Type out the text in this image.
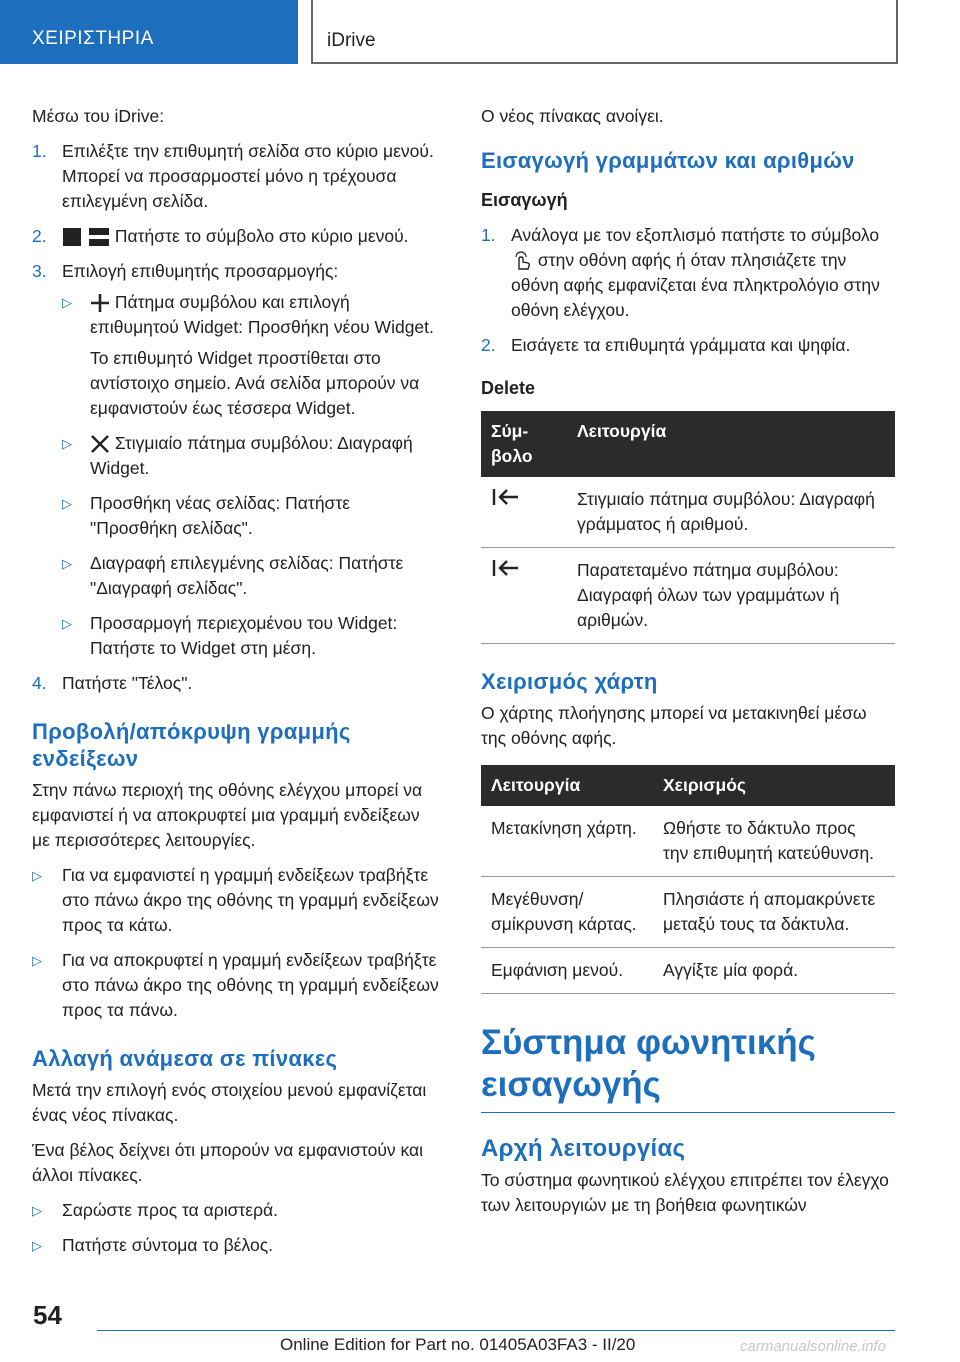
ΧΕΙΡΙΣΤΗΡΙΑ	iDrive

Μέσω του iDrive:

1. Επιλέξτε την επιθυμητή σελίδα στο κύριο μενού. Μπορεί να προσαρμοστεί μόνο η τρέχουσα επιλεγμένη σελίδα.
2.	Πατήστε το σύμβολο στο κύριο μενού.
3. Επιλογή επιθυμητής προσαρμογής:
▷ Πάτημα συμβόλου και επιλογή επιθυμητού Widget: Προσθήκη νέου Widget.
Το επιθυμητό Widget προστίθεται στο αντίστοιχο σημείο. Ανά σελίδα μπορούν να εμφανιστούν έως τέσσερα Widget.
▷ Στιγμιαίο πάτημα συμβόλου: Διαγραφή Widget.
▷ Προσθήκη νέας σελίδας: Πατήστε "Προσθήκη σελίδας".
▷ Διαγραφή επιλεγμένης σελίδας: Πατήστε "Διαγραφή σελίδας".
▷ Προσαρμογή περιεχομένου του Widget: Πατήστε το Widget στη μέση.
4. Πατήστε "Τέλος".
Προβολή/απόκρυψη γραμμής ενδείξεων

Στην πάνω περιοχή της οθόνης ελέγχου μπορεί να εμφανιστεί ή να αποκρυφτεί μια γραμμή ενδείξεων με περισσότερες λειτουργίες.

▷ Για να εμφανιστεί η γραμμή ενδείξεων τραβήξτε στο πάνω άκρο της οθόνης τη γραμμή ενδείξεων προς τα κάτω.
▷ Για να αποκρυφτεί η γραμμή ενδείξεων τραβήξτε στο πάνω άκρο της οθόνης τη γραμμή ενδείξεων προς τα πάνω.
Αλλαγή ανάμεσα σε πίνακες

Μετά την επιλογή ενός στοιχείου μενού εμφανίζεται ένας νέος πίνακας.

Ένα βέλος δείχνει ότι μπορούν να εμφανιστούν και άλλοι πίνακες.

▷ Σαρώστε προς τα αριστερά.
▷ Πατήστε σύντομα το βέλος.

Ο νέος πίνακας ανοίγει.

Εισαγωγή γραμμάτων και αριθμών
Εισαγωγή
1. Ανάλογα με τον εξοπλισμό πατήστε το σύμβολο  στην οθόνη αφής ή όταν πλησιάζετε την οθόνη αφής εμφανίζεται ένα πληκτρολόγιο στην οθόνη ελέγχου.
2. Εισάγετε τα επιθυμητά γράμματα και ψηφία.
Delete
Σύμβολο	Λειτουργία
	Στιγμιαίο πάτημα συμβόλου: Διαγραφή γράμματος ή αριθμού.
	Παρατεταμένο πάτημα συμβόλου: Διαγραφή όλων των γραμμάτων ή αριθμών.
Χειρισμός χάρτη

Ο χάρτης πλοήγησης μπορεί να μετακινηθεί μέσω της οθόνης αφής.

Λειτουργία	Χειρισμός
Μετακίνηση χάρτη.	Ωθήστε το δάκτυλο προς την επιθυμητή κατεύθυνση.
Μεγέθυνση/ σμίκρυνση κάρτας.	Πλησιάστε ή απομακρύνετε μεταξύ τους τα δάκτυλα.
Εμφάνιση μενού.	Αγγίξτε μία φορά.
Σύστημα φωνητικής εισαγωγής
Αρχή λειτουργίας

Το σύστημα φωνητικού ελέγχου επιτρέπει τον έλεγχο των λειτουργιών με τη βοήθεια φωνητικών

54
Online Edition for Part no. 01405A03FA3 - II/20	carmanualsonline.info
